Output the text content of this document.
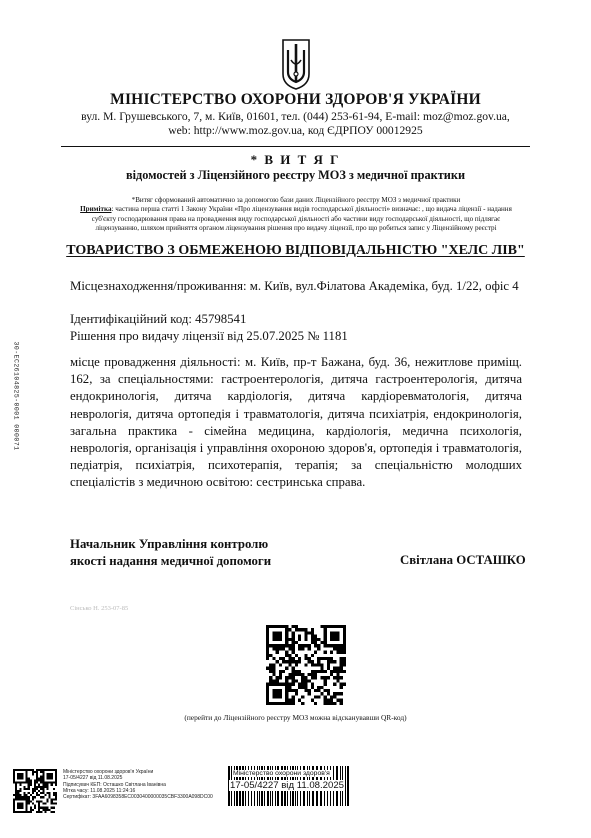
МІНІСТЕРСТВО ОХОРОНИ ЗДОРОВ'Я УКРАЇНИ
вул. М. Грушевського, 7, м. Київ, 01601, тел. (044) 253-61-94, E-mail: moz@moz.gov.ua,
web: http://www.moz.gov.ua, код ЄДРПОУ 00012925
* В И Т Я Г
відомостей з Ліцензійного реєстру МОЗ з медичної практики
*Витяг сформований автоматично за допомогою бази даних Ліцензійного реєстру МОЗ з медичної практики
Примітка: частина перша статті 1 Закону України «Про ліцензування видів господарської діяльності» визначає: , що видача ліцензії - надання суб'єкту господарювання права на провадження виду господарської діяльності або частини виду господарської діяльності, що підлягає ліцензуванню, шляхом прийняття органом ліцензування рішення про видачу ліцензії, про що робиться запис у Ліцензійному реєстрі
ТОВАРИСТВО З ОБМЕЖЕНОЮ ВІДПОВІДАЛЬНІСТЮ "ХЕЛС ЛІВ"
Місцезнаходження/проживання: м. Київ, вул.Філатова Академіка, буд. 1/22, офіс 4
Ідентифікаційний код: 45798541
Рішення про видачу ліцензії від 25.07.2025 № 1181
місце провадження діяльності: м. Київ, пр-т Бажана, буд. 36, нежитлове приміщ. 162, за спеціальностями: гастроентерологія, дитяча гастроентерологія, дитяча ендокринологія, дитяча кардіологія, дитяча кардіоревматологія, дитяча неврологія, дитяча ортопедія і травматологія, дитяча психіатрія, ендокринологія, загальна практика - сімейна медицина, кардіологія, медична психологія, неврологія, організація і управління охороною здоров'я, ортопедія і травматологія, педіатрія, психіатрія, психотерапія, терапія; за спеціальністю молодших спеціалістів з медичною освітою: сестринська справа.
Начальник Управління контролю
якості надання медичної допомоги	Світлана ОСТАШКО
Сінсько Н. 253-07-85
(перейти до Ліцензійного реєстру МОЗ можна відсканувавши QR-код)
30-ЕС26104825-0001 000071
Міністерство охорони здоров'я України
17-05/4227 від 11.08.2025
Підписувач КЕП: Осташко Світлана Іванівна
Мітка часу: 11.08.2025 11:24:16
Сертифікат: 3FAA6098358EC0030400000035CBF3300A098DC00
Міністерство охорони здоров'я
17-05/4227 від 11.08.2025
